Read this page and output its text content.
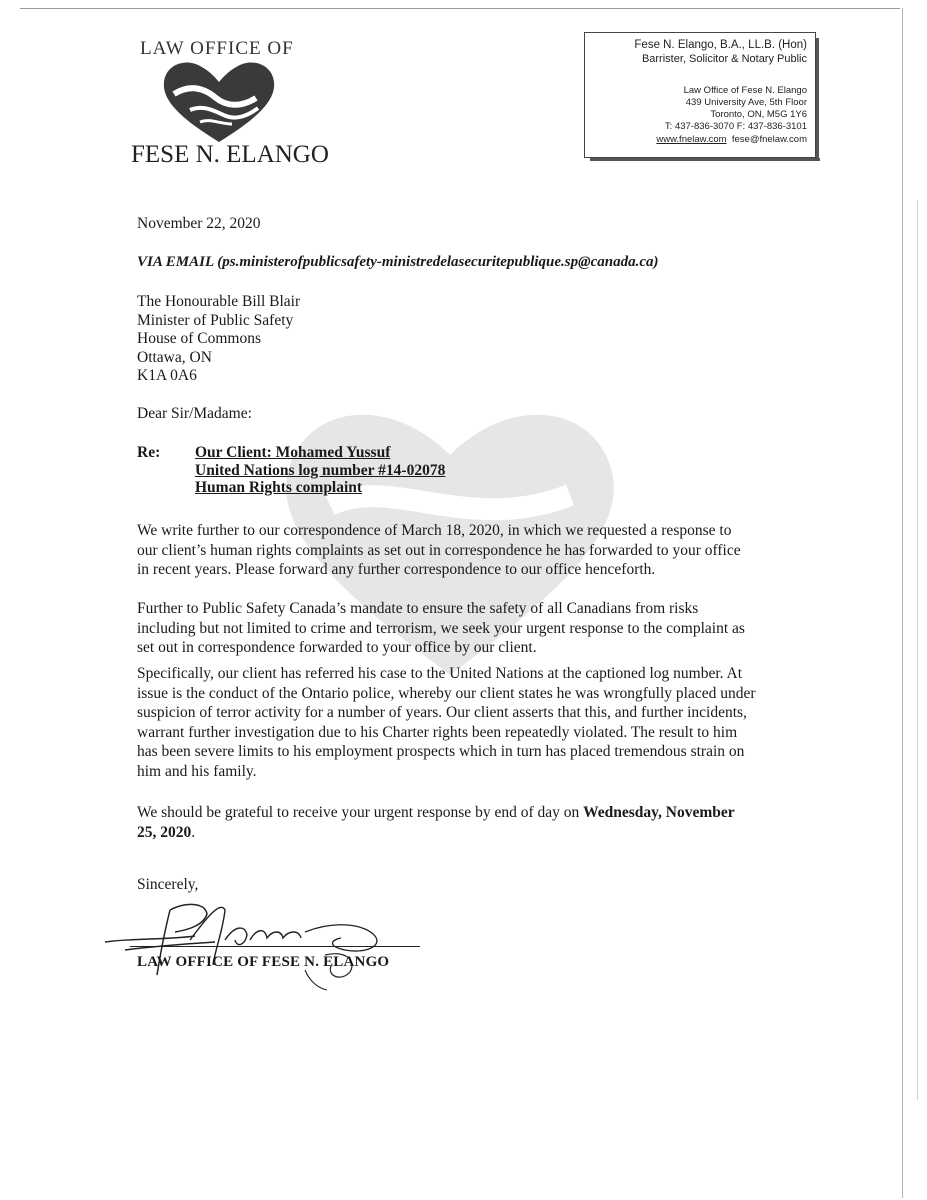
LAW OFFICE OF
FESE N. ELANGO
Fese N. Elango, B.A., LL.B. (Hon)
Barrister, Solicitor & Notary Public
Law Office of Fese N. Elango
439 University Ave, 5th Floor
Toronto, ON, M5G 1Y6
T: 437-836-3070 F: 437-836-3101
www.fnelaw.com fese@fnelaw.com
November 22, 2020
VIA EMAIL (ps.ministerofpublicsafety-ministredelasecuritepublique.sp@canada.ca)
The Honourable Bill Blair
Minister of Public Safety
House of Commons
Ottawa, ON
K1A 0A6
Dear Sir/Madame:
Re: Our Client: Mohamed Yussuf
United Nations log number #14-02078
Human Rights complaint
We write further to our correspondence of March 18, 2020, in which we requested a response to
our client’s human rights complaints as set out in correspondence he has forwarded to your office
in recent years. Please forward any further correspondence to our office henceforth.
Further to Public Safety Canada’s mandate to ensure the safety of all Canadians from risks
including but not limited to crime and terrorism, we seek your urgent response to the complaint as
set out in correspondence forwarded to your office by our client.
Specifically, our client has referred his case to the United Nations at the captioned log number. At
issue is the conduct of the Ontario police, whereby our client states he was wrongfully placed under
suspicion of terror activity for a number of years. Our client asserts that this, and further incidents,
warrant further investigation due to his Charter rights been repeatedly violated. The result to him
has been severe limits to his employment prospects which in turn has placed tremendous strain on
him and his family.
We should be grateful to receive your urgent response by end of day on Wednesday, November
25, 2020.
Sincerely,
LAW OFFICE OF FESE N. ELANGO
